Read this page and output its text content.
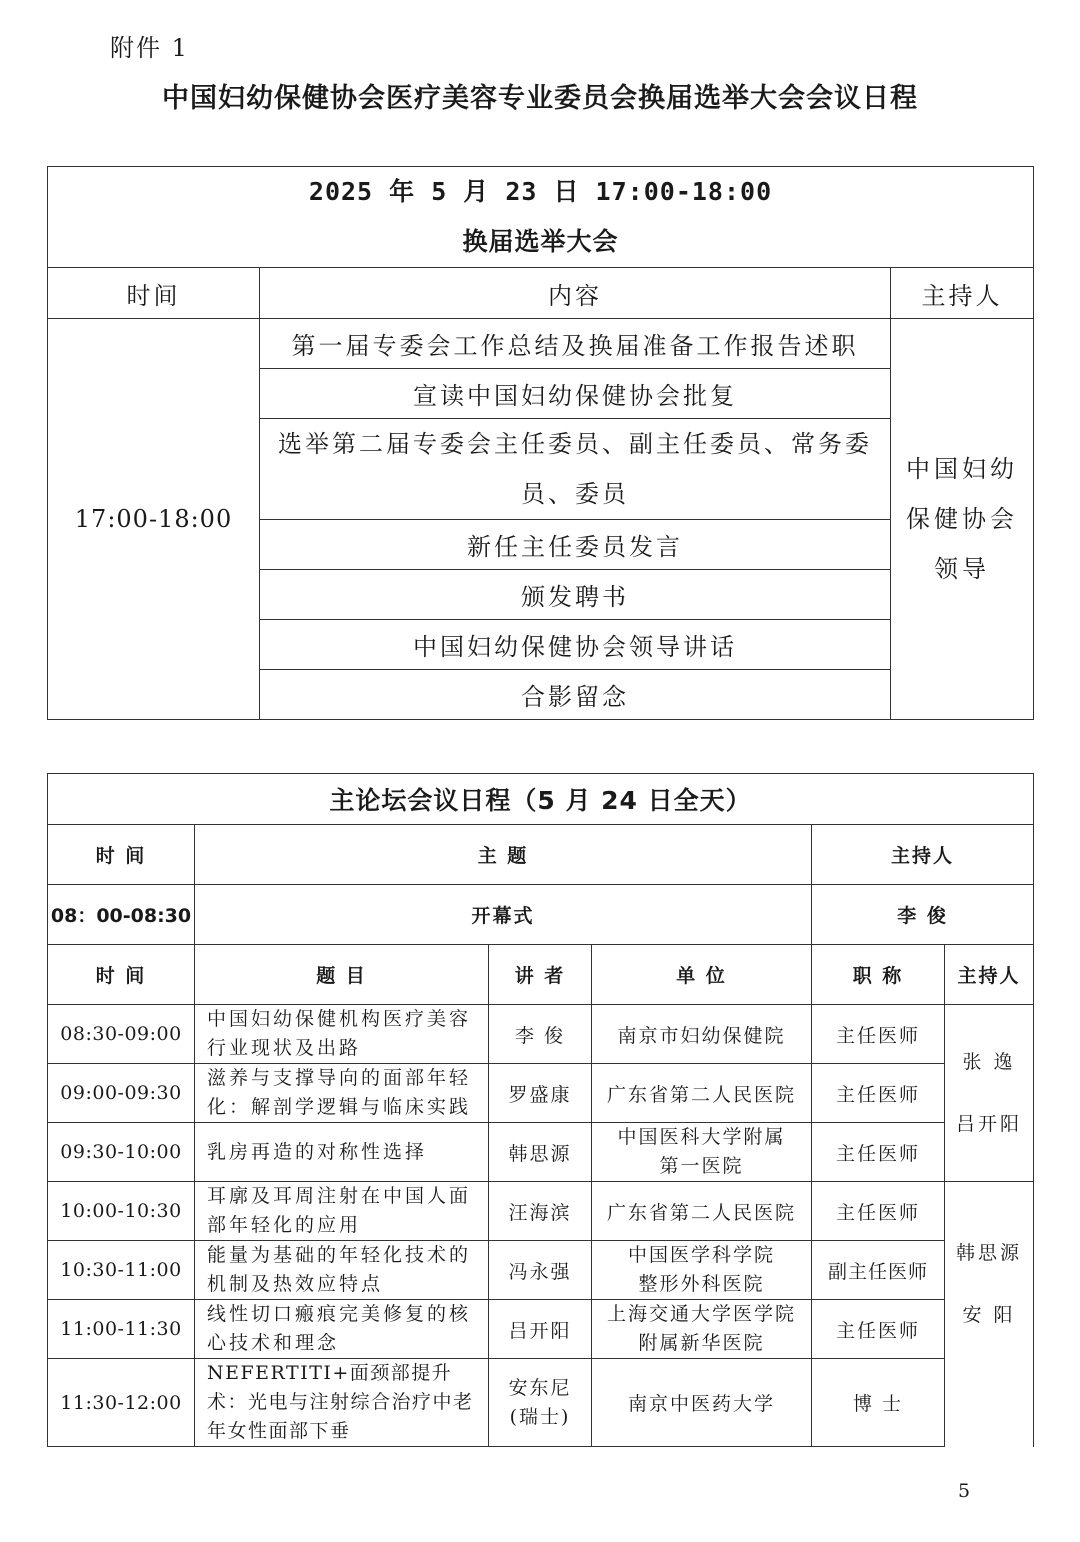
附件 1
中国妇幼保健协会医疗美容专业委员会换届选举大会会议日程
2025 年 5 月 23 日 17:00-18:00
换届选举大会		

时间	内容	主持人
17:00-18:00	第一届专委会工作总结及换届准备工作报告述职	中国妇幼
保健协会
领导

	宣读中国妇幼保健协会批复	
	选举第二届专委会主任委员、副主任委员、常务委员、委员	
	新任主任委员发言	
	颁发聘书	
	中国妇幼保健协会领导讲话	
	合影留念	
主论坛会议日程（5 月 24 日全天）					
时 间	主 题			主持人	
08：00-08:30	开幕式			李 俊	
时 间	题 目	讲 者	单 位	职 称	主持人
08:30-09:00	中国妇幼保健机构医疗美容行业现状及出路	李 俊	南京市妇幼保健院	主任医师	张 逸
吕开阳

09:00-09:30	滋养与支撑导向的面部年轻化：解剖学逻辑与临床实践	罗盛康	广东省第二人民医院	主任医师	
09:30-10:00	乳房再造的对称性选择	韩思源	中国医科大学附属
第一医院	主任医师	
10:00-10:30	耳廓及耳周注射在中国人面部年轻化的应用	汪海滨	广东省第二人民医院	主任医师	韩思源
安 阳

10:30-11:00	能量为基础的年轻化技术的机制及热效应特点	冯永强	中国医学科学院
整形外科医院	副主任医师	
11:00-11:30	线性切口瘢痕完美修复的核心技术和理念	吕开阳	上海交通大学医学院
附属新华医院	主任医师	
11:30-12:00	NEFERTITI+面颈部提升术：光电与注射综合治疗中老年女性面部下垂	安东尼
(瑞士)	南京中医药大学	博 士	
5
